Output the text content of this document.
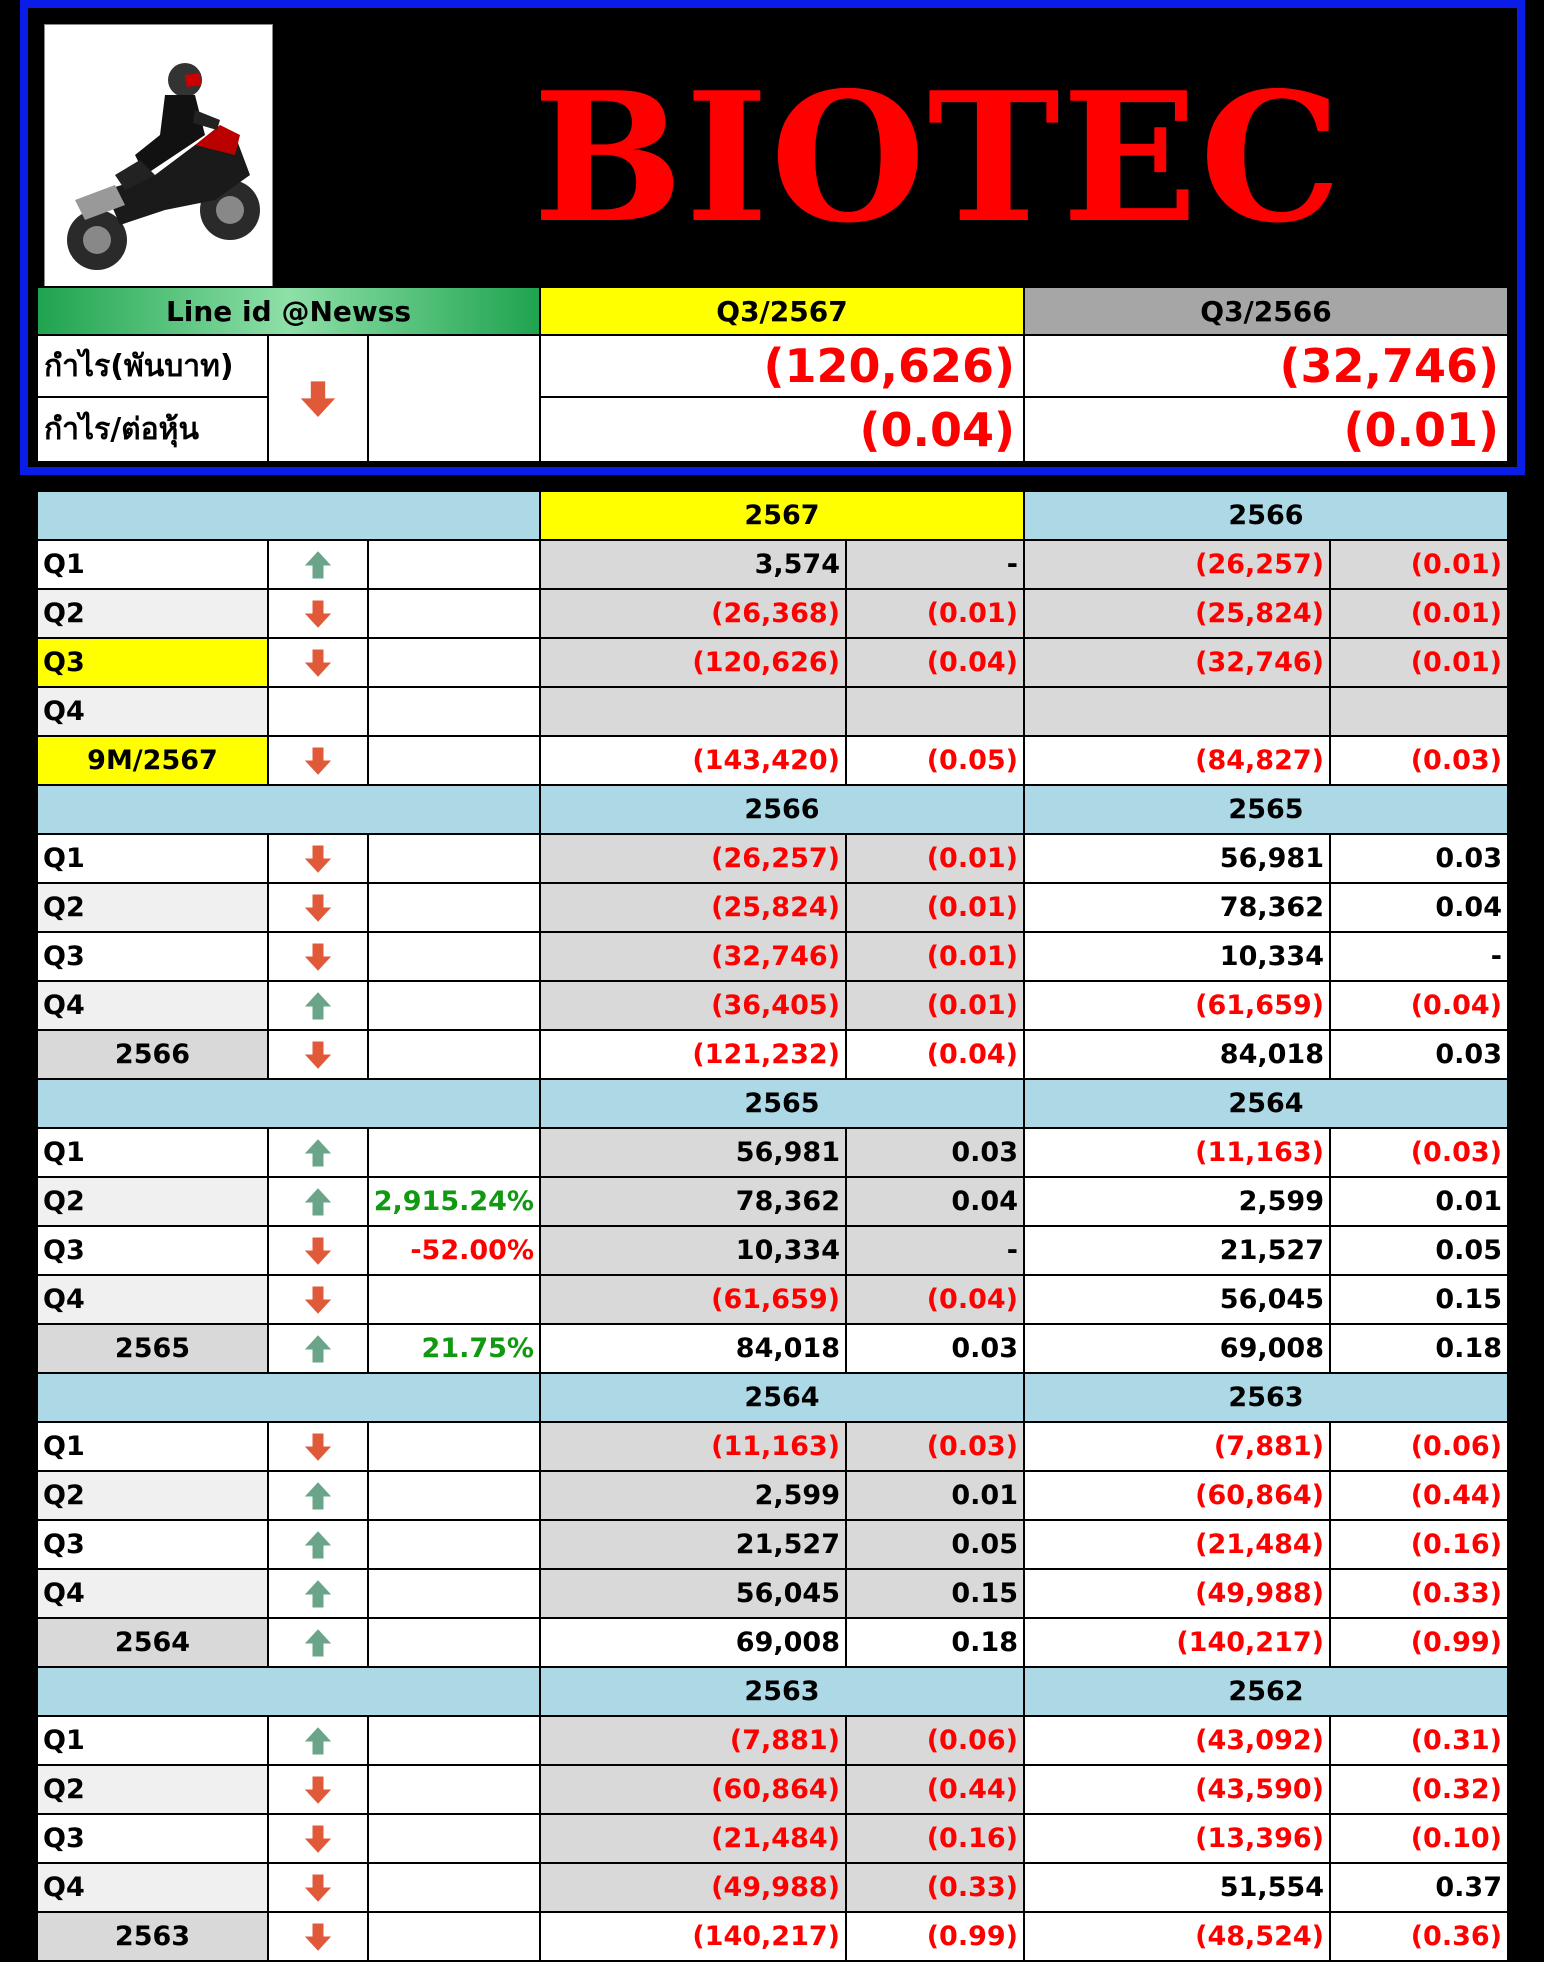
BIOTEC
Line id @Newss			Q3/2567	Q3/2566
กำไร(พันบาท)			(120,626)	(32,746)
กำไร/ต่อหุ้น			(0.04)	(0.01)
			2567		2566	
Q1			3,574	-	(26,257)	(0.01)
Q2			(26,368)	(0.01)	(25,824)	(0.01)
Q3			(120,626)	(0.04)	(32,746)	(0.01)
Q4						
9M/2567			(143,420)	(0.05)	(84,827)	(0.03)
			2566		2565	
Q1			(26,257)	(0.01)	56,981	0.03
Q2			(25,824)	(0.01)	78,362	0.04
Q3			(32,746)	(0.01)	10,334	-
Q4			(36,405)	(0.01)	(61,659)	(0.04)
2566			(121,232)	(0.04)	84,018	0.03
			2565		2564	
Q1			56,981	0.03	(11,163)	(0.03)
Q2		2,915.24%	78,362	0.04	2,599	0.01
Q3		-52.00%	10,334	-	21,527	0.05
Q4			(61,659)	(0.04)	56,045	0.15
2565		21.75%	84,018	0.03	69,008	0.18
			2564		2563	
Q1			(11,163)	(0.03)	(7,881)	(0.06)
Q2			2,599	0.01	(60,864)	(0.44)
Q3			21,527	0.05	(21,484)	(0.16)
Q4			56,045	0.15	(49,988)	(0.33)
2564			69,008	0.18	(140,217)	(0.99)
			2563		2562	
Q1			(7,881)	(0.06)	(43,092)	(0.31)
Q2			(60,864)	(0.44)	(43,590)	(0.32)
Q3			(21,484)	(0.16)	(13,396)	(0.10)
Q4			(49,988)	(0.33)	51,554	0.37
2563			(140,217)	(0.99)	(48,524)	(0.36)
